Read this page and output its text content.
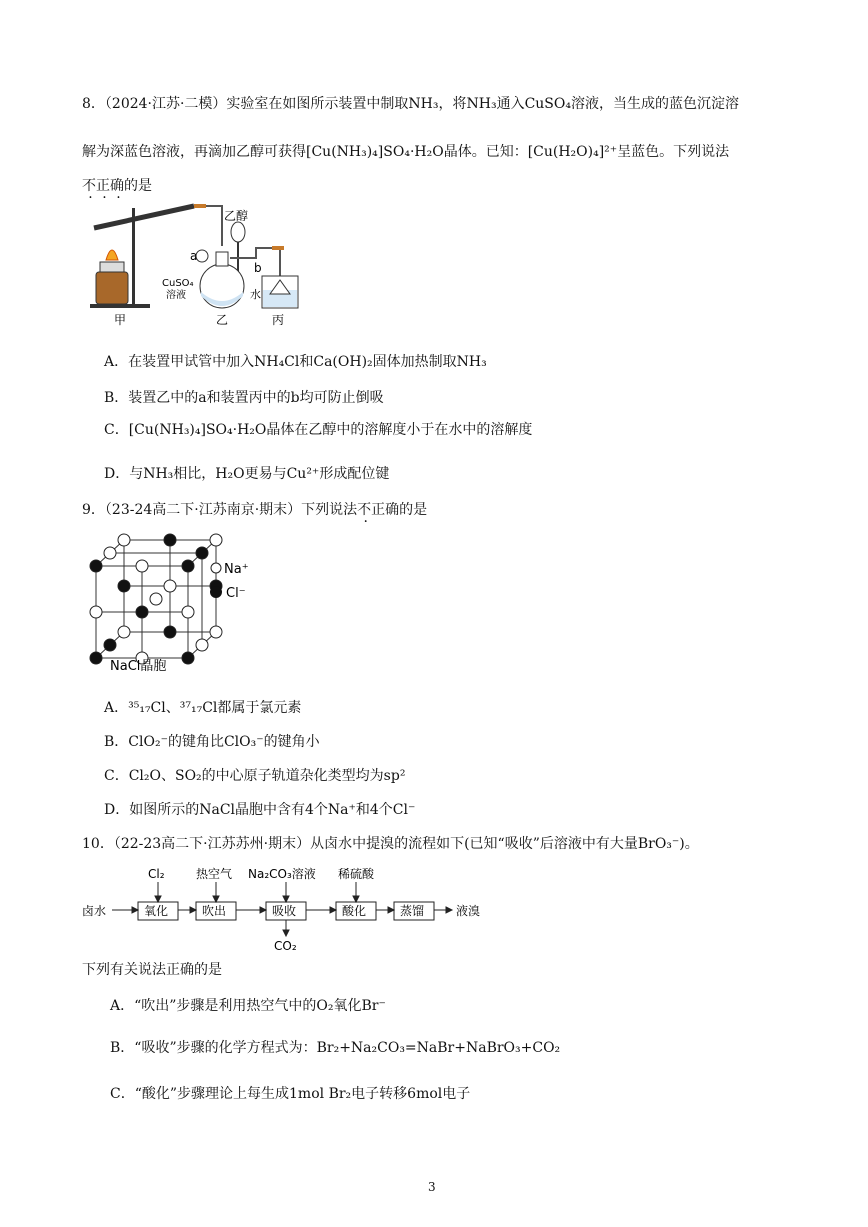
8．（2024·江苏·二模）实验室在如图所示装置中制取NH₃，将NH₃通入CuSO₄溶液，当生成的蓝色沉淀溶
解为深蓝色溶液，再滴加乙醇可获得[Cu(NH₃)₄]SO₄·H₂O晶体。已知：[Cu(H₂O)₄]²⁺呈蓝色。下列说法
不正确的是
乙醇
a
b
CuSO₄
溶液	水
甲	乙	丙
A．在装置甲试管中加入NH₄Cl和Ca(OH)₂固体加热制取NH₃
B．装置乙中的a和装置丙中的b均可防止倒吸
C．[Cu(NH₃)₄]SO₄·H₂O晶体在乙醇中的溶解度小于在水中的溶解度
D．与NH₃相比，H₂O更易与Cu²⁺形成配位键
9．（23-24高二下·江苏南京·期末）下列说法不正确的是
Na⁺
Cl⁻
NaCl晶胞
A．³⁵₁₇Cl、³⁷₁₇Cl都属于氯元素
B．ClO₂⁻的键角比ClO₃⁻的键角小
C．Cl₂O、SO₂的中心原子轨道杂化类型均为sp²
D．如图所示的NaCl晶胞中含有4个Na⁺和4个Cl⁻
10．（22-23高二下·江苏苏州·期末）从卤水中提溴的流程如下(已知“吸收”后溶液中有大量BrO₃⁻)。
卤水	氧化	吹出	吸收	酸化	蒸馏	液溴
Cl₂	热空气 Na₂CO₃溶液 稀硫酸
CO₂
下列有关说法正确的是
A．“吹出”步骤是利用热空气中的O₂氧化Br⁻
B．“吸收”步骤的化学方程式为：Br₂+Na₂CO₃=NaBr+NaBrO₃+CO₂
C．“酸化”步骤理论上每生成1mol Br₂电子转移6mol电子
3
